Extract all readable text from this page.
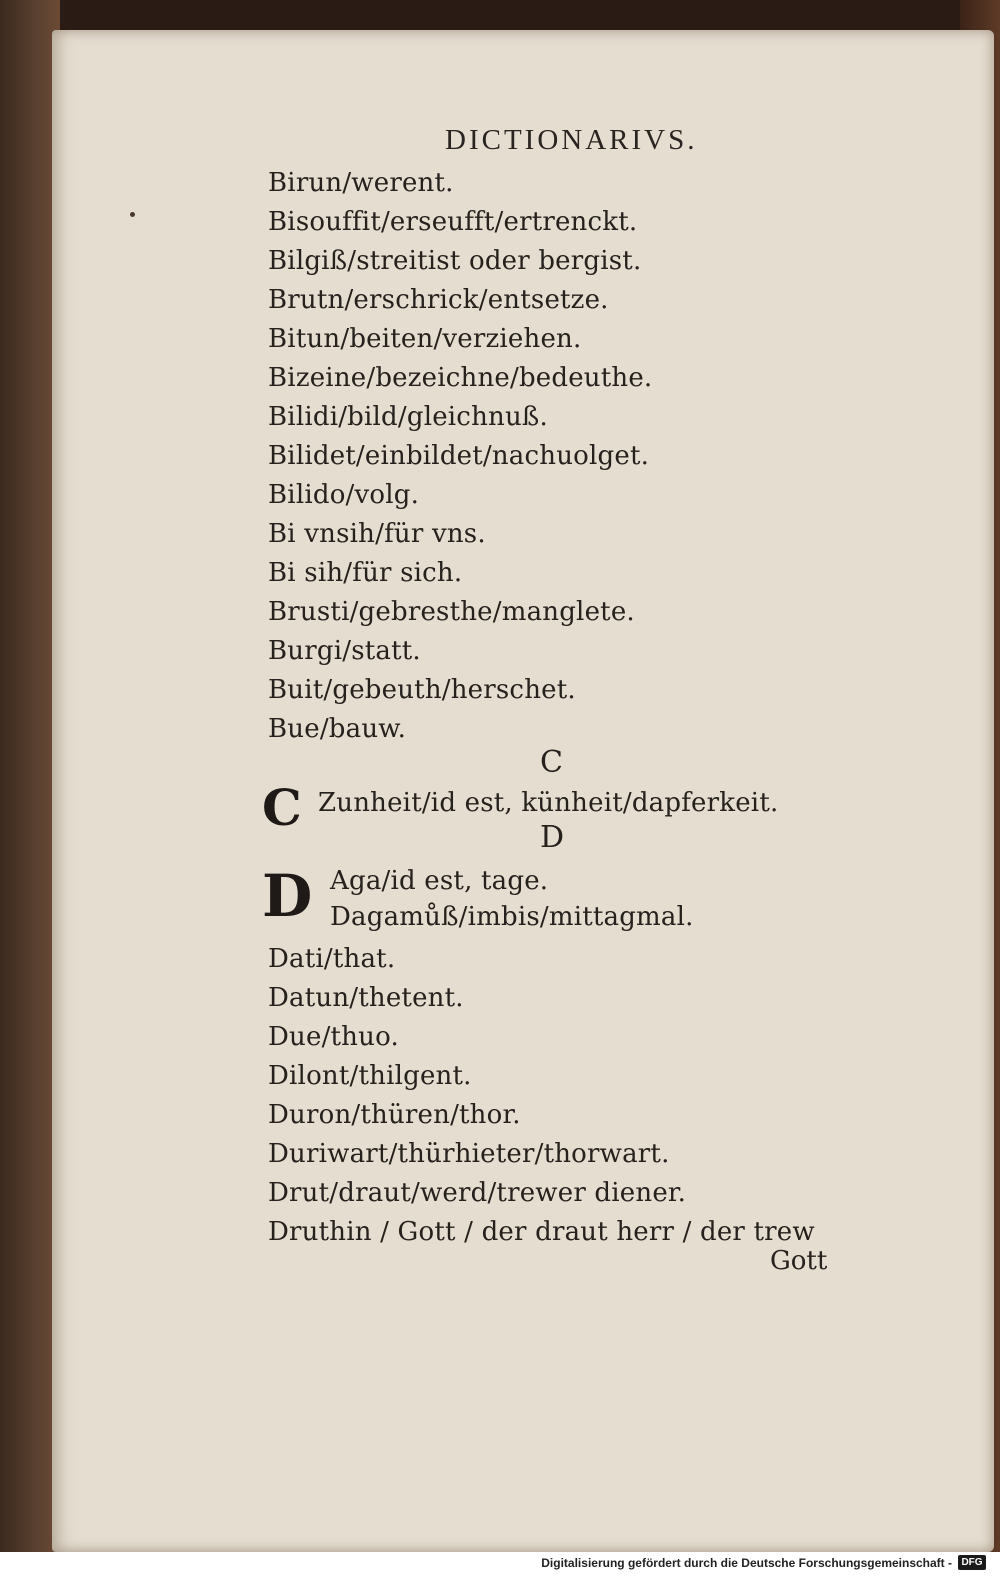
DICTIONARIVS.
Birun/werent.
Bisouffit/erseufft/ertrenckt.
Bilgiß/streitist oder bergist.
Brutn/erschrick/entsetze.
Bitun/beiten/verziehen.
Bizeine/bezeichne/bedeuthe.
Bilidi/bild/gleichnuß.
Bilidet/einbildet/nachuolget.
Bilido/volg.
Bi vnsih/für vns.
Bi sih/für sich.
Brusti/gebresthe/manglete.
Burgi/statt.
Buit/gebeuth/herschet.
Bue/bauw.
C
C Zunheit/id est, künheit/dapferkeit.
D
D Aga/id est, tage.
Dagamůß/imbis/mittagmal.
Dati/that.
Datun/thetent.
Due/thuo.
Dilont/thilgent.
Duron/thüren/thor.
Duriwart/thürhieter/thorwart.
Drut/draut/werd/trewer diener.
Druthin / Gott / der draut herr / der trew
Gott
Digitalisierung gefördert durch die Deutsche Forschungsgemeinschaft - DFG
